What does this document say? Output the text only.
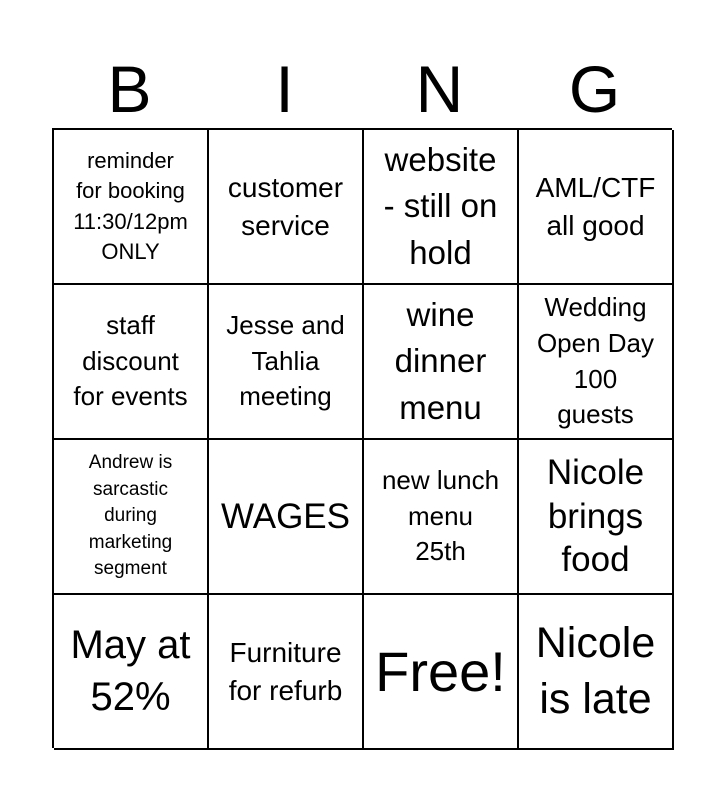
B	I	N	G
reminder
for booking
11:30/12pm
ONLY
customer
service
website
- still on
hold
AML/CTF
all good
staff
discount
for events
Jesse and
Tahlia
meeting
wine
dinner
menu
Wedding
Open Day
100
guests
Andrew is
sarcastic
during
marketing
segment
WAGES
new lunch
menu
25th
Nicole
brings
food
May at
52%
Furniture
for refurb Free! Nicole
is late
